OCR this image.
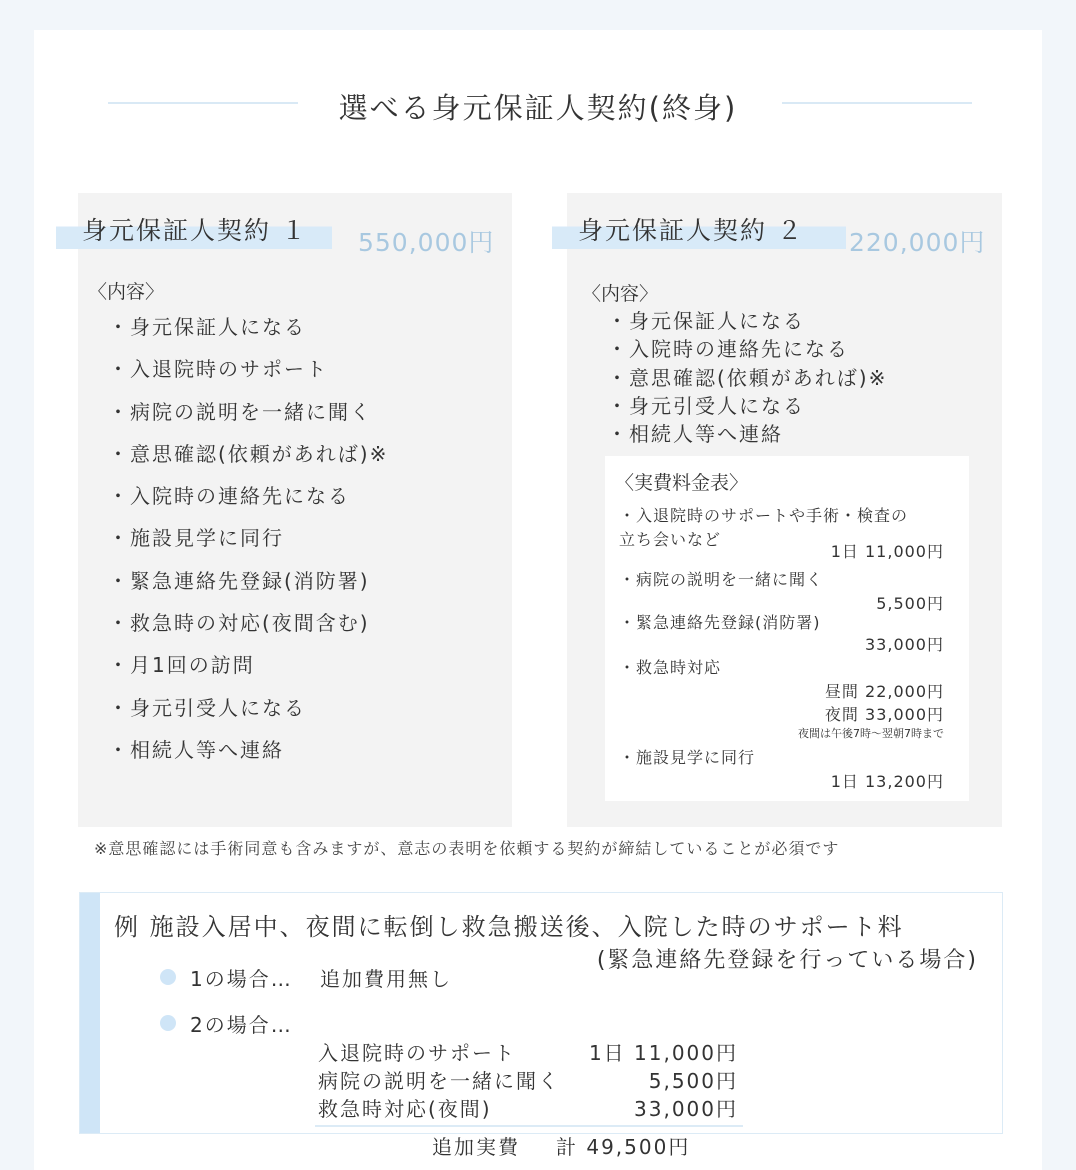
選べる身元保証人契約(終身)
身元保証人契約 １	550,000円
〈内容〉
・ 身元保証人になる
・ 入退院時のサポート
・ 病院の説明を一緒に聞く
・ 意思確認(依頼があれば)※
・ 入院時の連絡先になる
・ 施設見学に同行
・ 緊急連絡先登録(消防署)
・ 救急時の対応(夜間含む)
・ 月1回の訪問
・ 身元引受人になる
・ 相続人等へ連絡
身元保証人契約 ２	220,000円
〈内容〉
・ 身元保証人になる
・ 入院時の連絡先になる
・ 意思確認(依頼があれば)※
・ 身元引受人になる
・ 相続人等へ連絡
〈実費料金表〉
・入退院時のサポートや手術・検査の
立ち会いなど
1日 11,000円
・病院の説明を一緒に聞く
5,500円
・緊急連絡先登録(消防署)
33,000円
・救急時対応
昼間 22,000円
夜間 33,000円
夜間は午後7時～翌朝7時まで
・施設見学に同行
1日 13,200円
※意思確認には手術同意も含みますが、意志の表明を依頼する契約が締結していることが必須です
例 施設入居中、夜間に転倒し救急搬送後、入院した時のサポート料
(緊急連絡先登録を行っている場合)
1の場合… 追加費用無し
2の場合…
入退院時のサポート	1日 11,000円
病院の説明を一緒に聞く	5,500円
救急時対応(夜間)	33,000円
追加実費 計 49,500円
